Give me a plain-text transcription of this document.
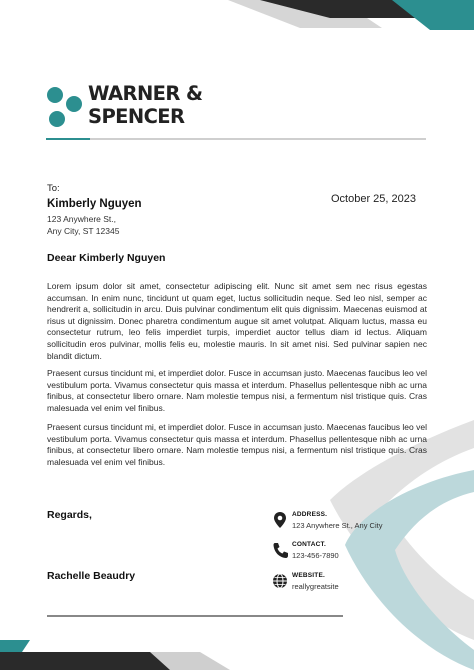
WARNER &
SPENCER
To:
Kimberly Nguyen
123 Anywhere St.,
Any City, ST 12345
October 25, 2023
Deear Kimberly Nguyen

Lorem ipsum dolor sit amet, consectetur adipiscing elit. Nunc sit amet sem nec risus egestas accumsan. In enim nunc, tincidunt ut quam eget, luctus sollicitudin neque. Sed leo nisl, semper ac hendrerit a, sollicitudin in arcu. Duis pulvinar condimentum elit quis dignissim. Maecenas euismod at risus ut dignissim. Donec pharetra condimentum augue sit amet volutpat. Aliquam luctus, massa eu consectetur rutrum, leo felis imperdiet turpis, imperdiet auctor tellus diam id lectus. Aliquam sollicitudin eros pulvinar, mollis felis eu, molestie mauris. In sit amet nisi. Sed pulvinar sapien nec blandit dictum.

Praesent cursus tincidunt mi, et imperdiet dolor. Fusce in accumsan justo. Maecenas faucibus leo vel vestibulum porta. Vivamus consectetur quis massa et interdum. Phasellus pellentesque nibh ac urna finibus, at consectetur libero ornare. Nam molestie tempus nisi, a fermentum nisl tristique quis. Cras malesuada vel enim vel finibus.

Praesent cursus tincidunt mi, et imperdiet dolor. Fusce in accumsan justo. Maecenas faucibus leo vel vestibulum porta. Vivamus consectetur quis massa et interdum. Phasellus pellentesque nibh ac urna finibus, at consectetur libero ornare. Nam molestie tempus nisi, a fermentum nisl tristique quis. Cras malesuada vel enim vel finibus.

Regards,
Rachelle Beaudry
ADDRESS.
123 Anywhere St., Any City
CONTACT.
123-456-7890
WEBSITE.
reallygreatsite
